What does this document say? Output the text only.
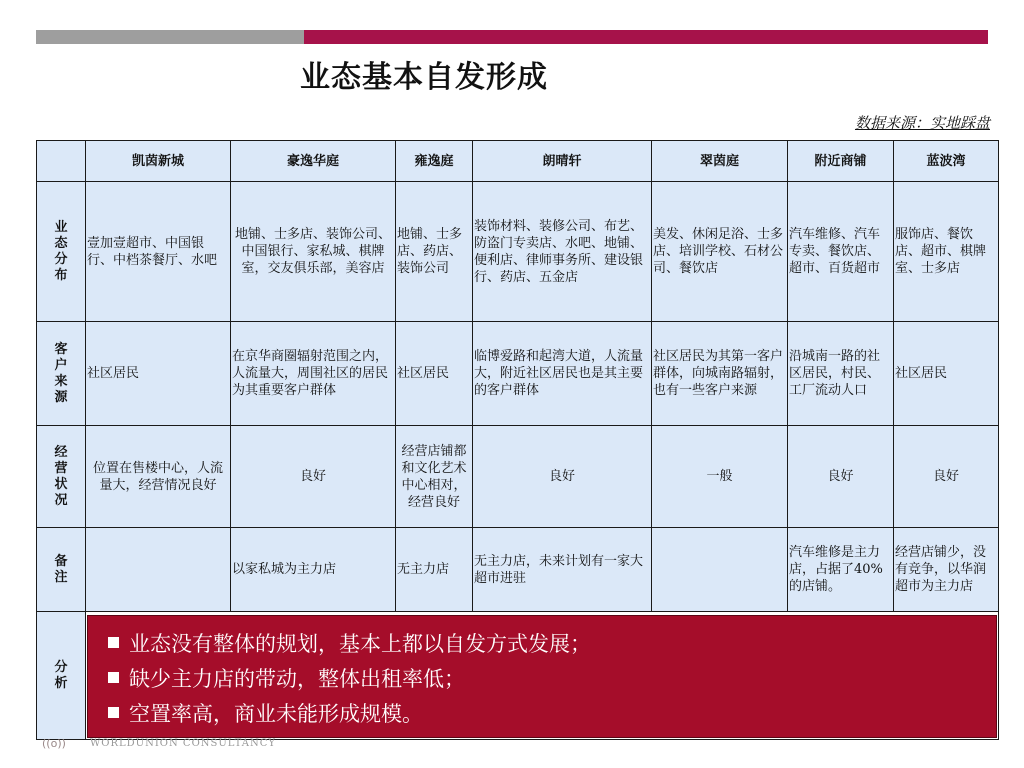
业态基本自发形成
数据来源：实地踩盘
	凯茵新城	豪逸华庭	雍逸庭	朗晴轩	翠茵庭	附近商铺	蓝波湾
业态分布	壹加壹超市、中国银行、中档茶餐厅、水吧	地铺、士多店、装饰公司、中国银行、家私城、棋牌室，交友俱乐部，美容店	地铺、士多店、药店、装饰公司	装饰材料、装修公司、布艺、防盗门专卖店、水吧、地铺、便利店、律师事务所、建设银行、药店、五金店	美发、休闲足浴、士多店、培训学校、石材公司、餐饮店	汽车维修、汽车专卖、餐饮店、超市、百货超市	服饰店、餐饮店、超市、棋牌室、士多店
客户来源	社区居民	在京华商圈辐射范围之内，人流量大，周围社区的居民为其重要客户群体	社区居民	临博爱路和起湾大道，人流量大，附近社区居民也是其主要的客户群体	社区居民为其第一客户群体，向城南路辐射，也有一些客户来源	沿城南一路的社区居民，村民、工厂流动人口	社区居民
经营状况	位置在售楼中心，人流量大，经营情况良好	良好	经营店铺都和文化艺术中心相对，经营良好	良好	一般	良好	良好
备注		以家私城为主力店	无主力店	无主力店，未来计划有一家大超市进驻		汽车维修是主力店，占据了40%的店铺。	经营店铺少，没有竞争，以华润超市为主力店
分析							
业态没有整体的规划，基本上都以自发方式发展；
缺少主力店的带动，整体出租率低；
空置率高，商业未能形成规模。
((o)) WORLDUNION CONSULTANCY
